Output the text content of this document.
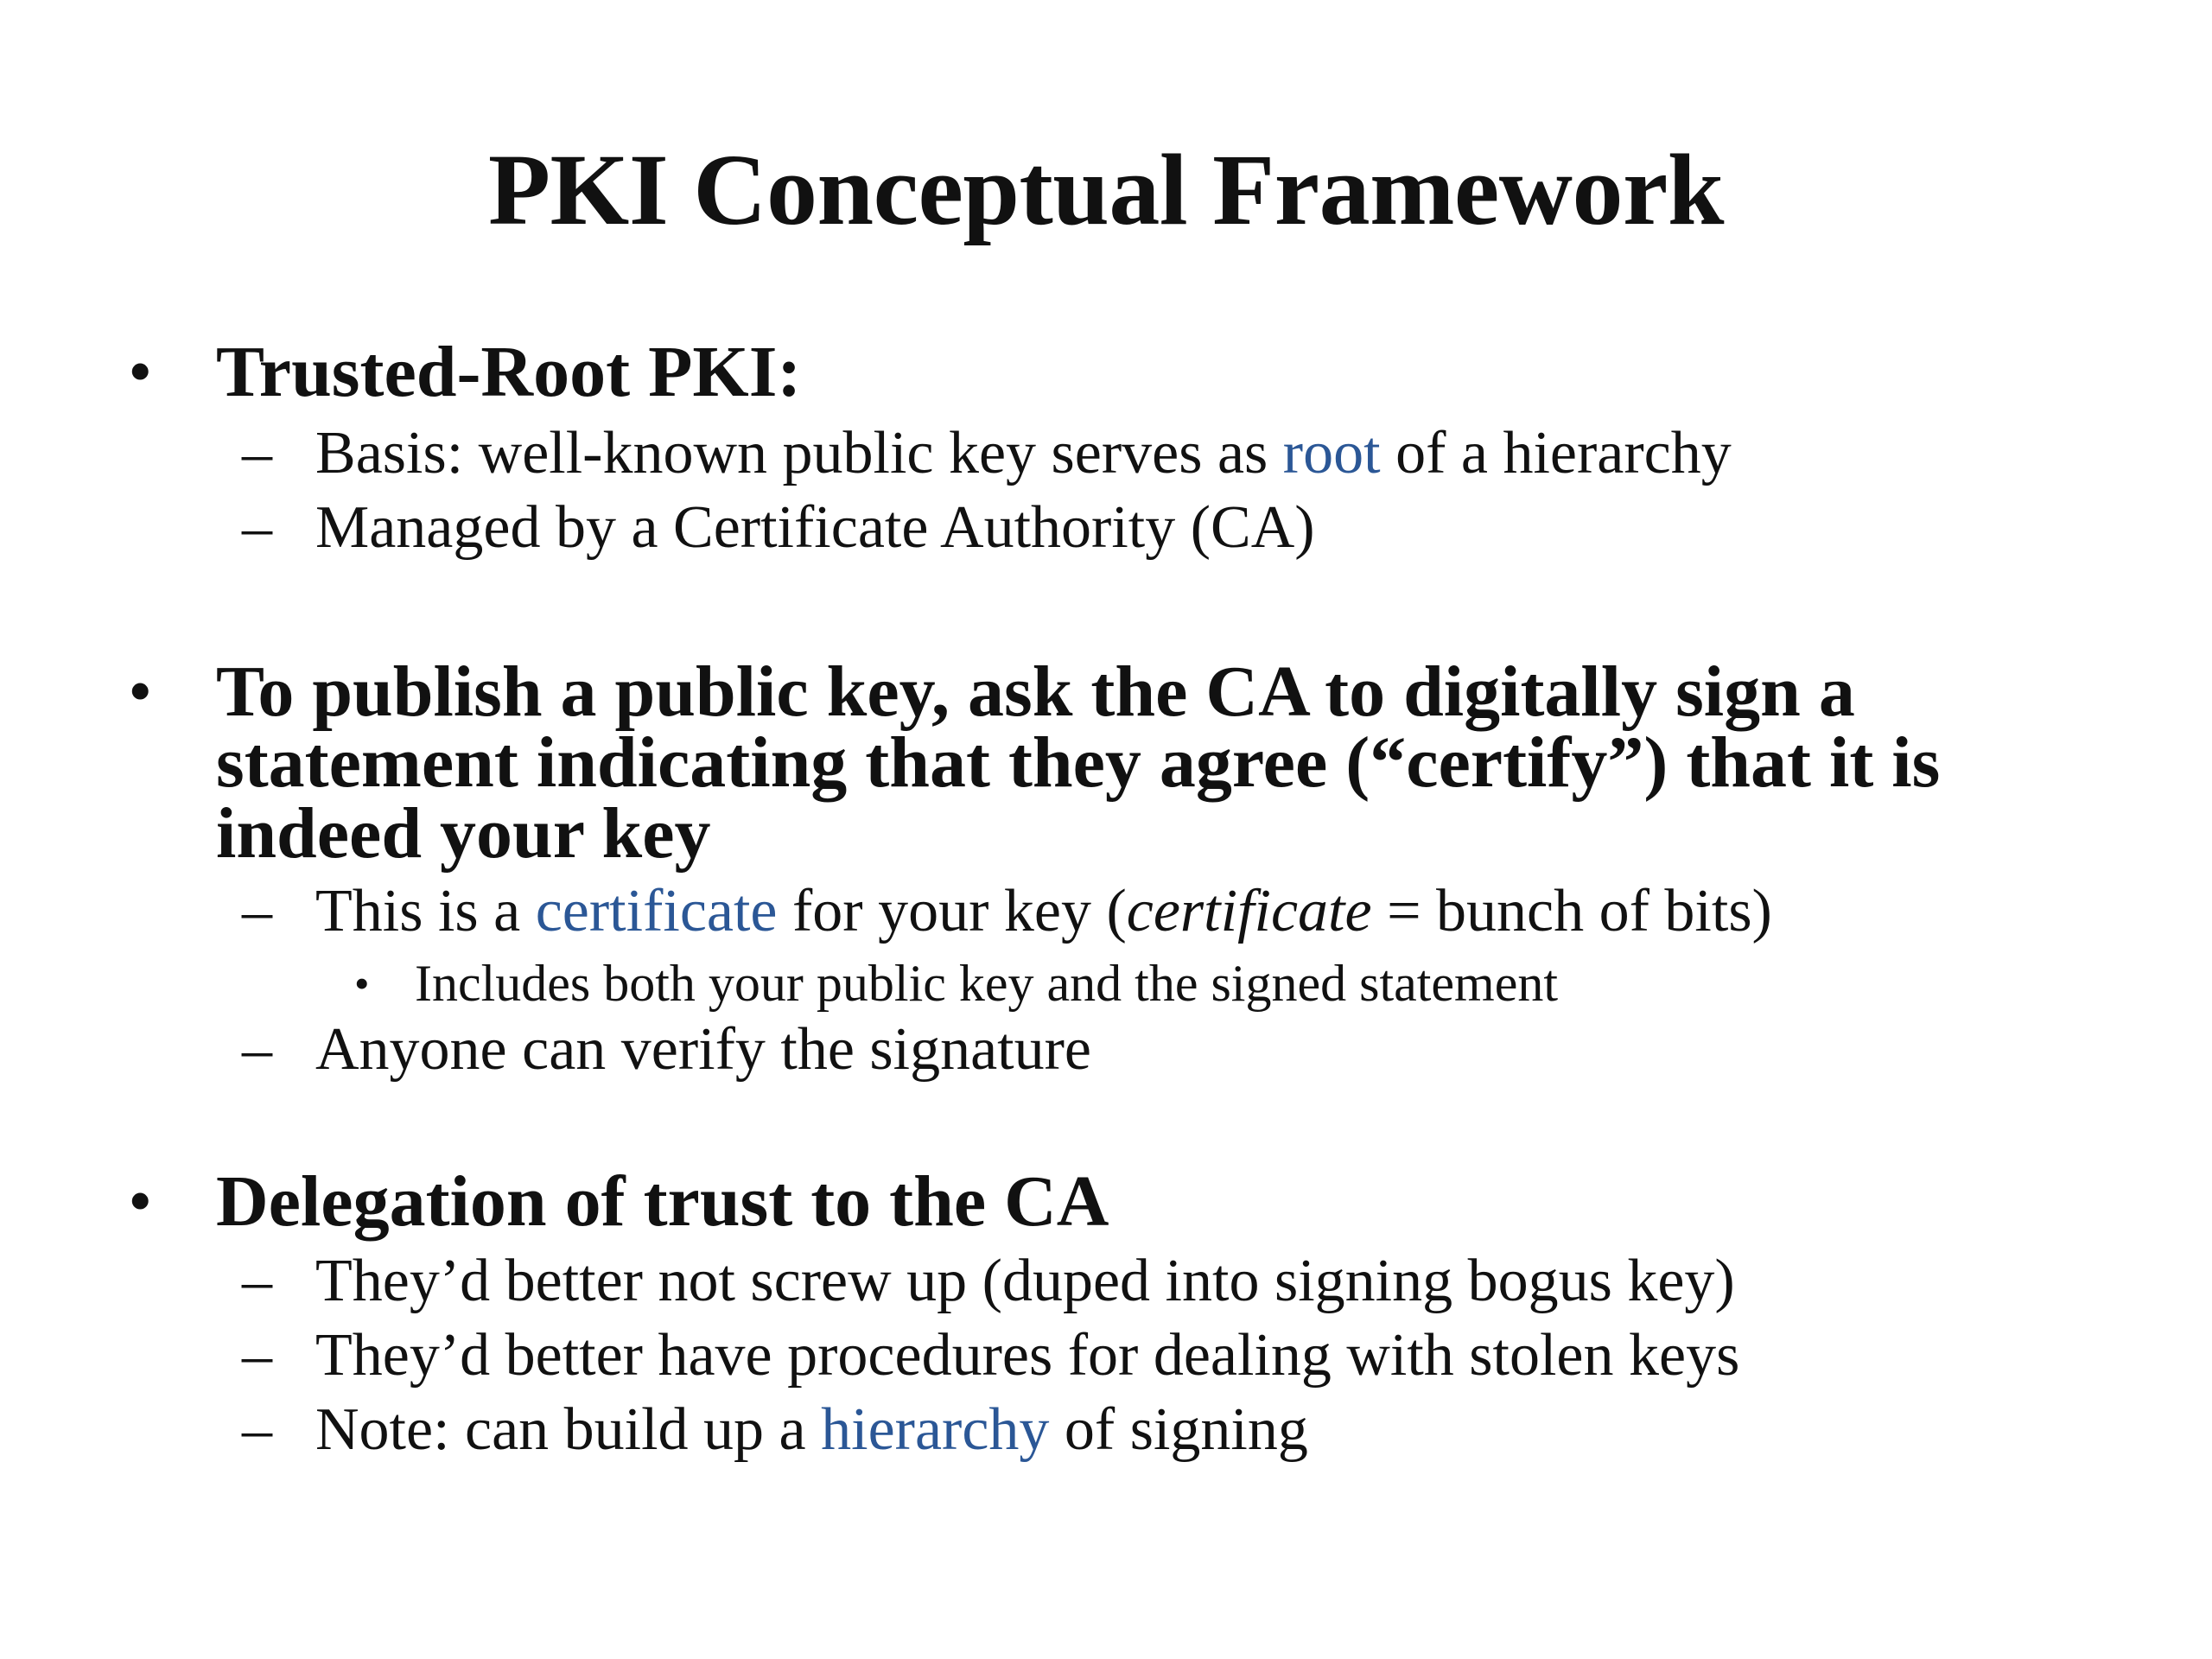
PKI Conceptual Framework
• Trusted-Root PKI:
– Basis: well-known public key serves as root of a hierarchy
– Managed by a Certificate Authority (CA)
• To publish a public key, ask the CA to digitally sign a statement indicating that they agree (“certify”) that it is indeed your key
– This is a certificate for your key (certificate = bunch of bits)
• Includes both your public key and the signed statement
– Anyone can verify the signature
• Delegation of trust to the CA
– They’d better not screw up (duped into signing bogus key)
– They’d better have procedures for dealing with stolen keys
– Note: can build up a hierarchy of signing
